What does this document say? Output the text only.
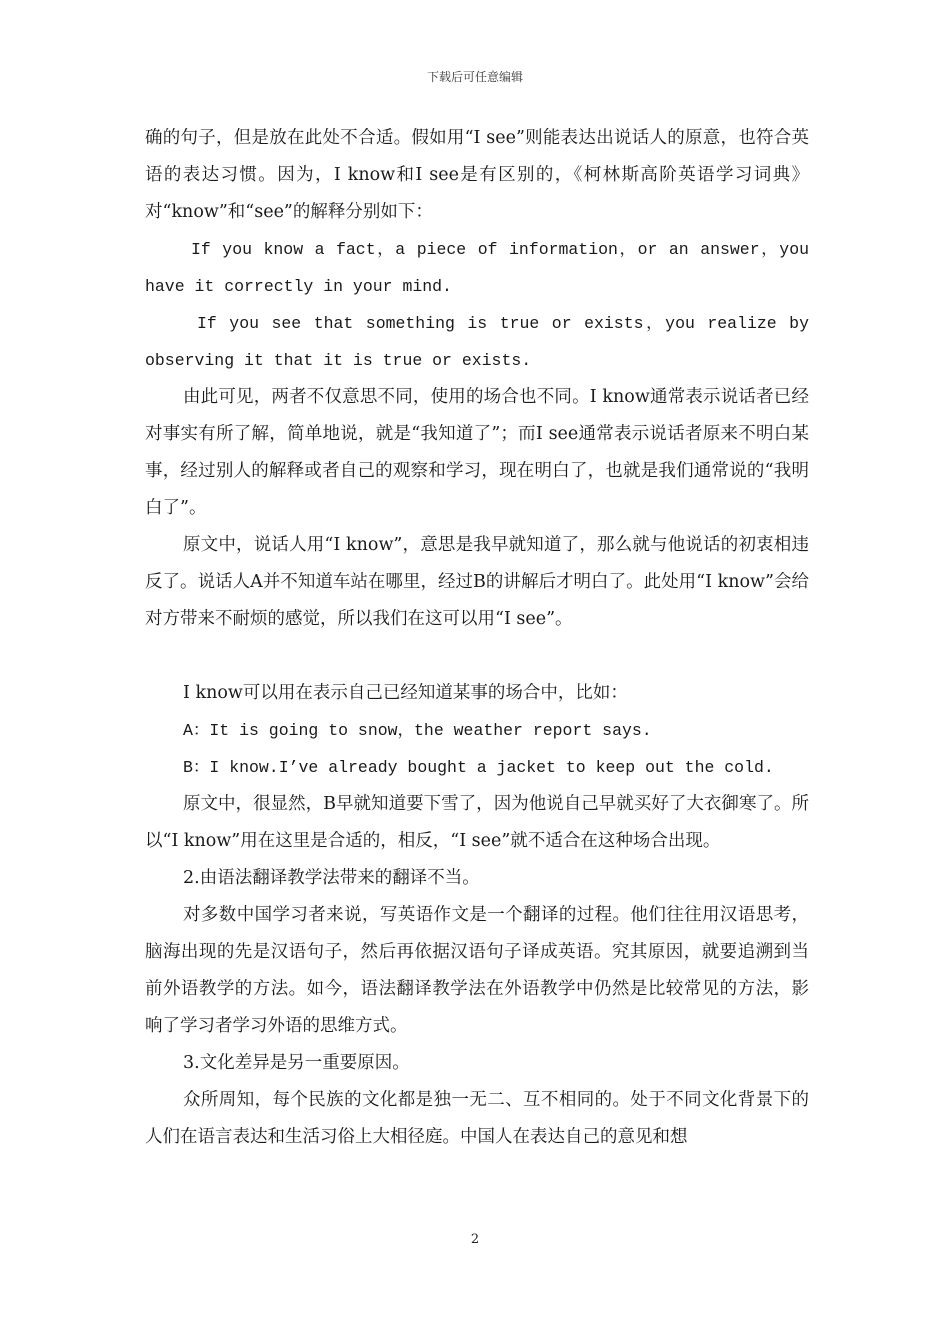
下载后可任意编辑

确的句子，但是放在此处不合适。假如用“I see”则能表达出说话人的原意，也符合英语的表达习惯。因为，I know和I see是有区别的，《柯林斯高阶英语学习词典》对“know”和“see”的解释分别如下：

If you know a fact，a piece of information，or an answer，you have it correctly in your mind.

If you see that something is true or exists，you realize by observing it that it is true or exists.

由此可见，两者不仅意思不同，使用的场合也不同。I know通常表示说话者已经对事实有所了解，简单地说，就是“我知道了”；而I see通常表示说话者原来不明白某事，经过别人的解释或者自己的观察和学习，现在明白了，也就是我们通常说的“我明白了”。

原文中，说话人用“I know”，意思是我早就知道了，那么就与他说话的初衷相违反了。说话人A并不知道车站在哪里，经过B的讲解后才明白了。此处用“I know”会给对方带来不耐烦的感觉，所以我们在这可以用“I see”。

I know可以用在表示自己已经知道某事的场合中，比如：

A：It is going to snow，the weather report says.

B：I know.I’ve already bought a jacket to keep out the cold.

原文中，很显然，B早就知道要下雪了，因为他说自己早就买好了大衣御寒了。所以“I know”用在这里是合适的，相反，“I see”就不适合在这种场合出现。

2.由语法翻译教学法带来的翻译不当。

对多数中国学习者来说，写英语作文是一个翻译的过程。他们往往用汉语思考，脑海出现的先是汉语句子，然后再依据汉语句子译成英语。究其原因，就要追溯到当前外语教学的方法。如今，语法翻译教学法在外语教学中仍然是比较常见的方法，影响了学习者学习外语的思维方式。

3.文化差异是另一重要原因。

众所周知，每个民族的文化都是独一无二、互不相同的。处于不同文化背景下的人们在语言表达和生活习俗上大相径庭。中国人在表达自己的意见和想

2
